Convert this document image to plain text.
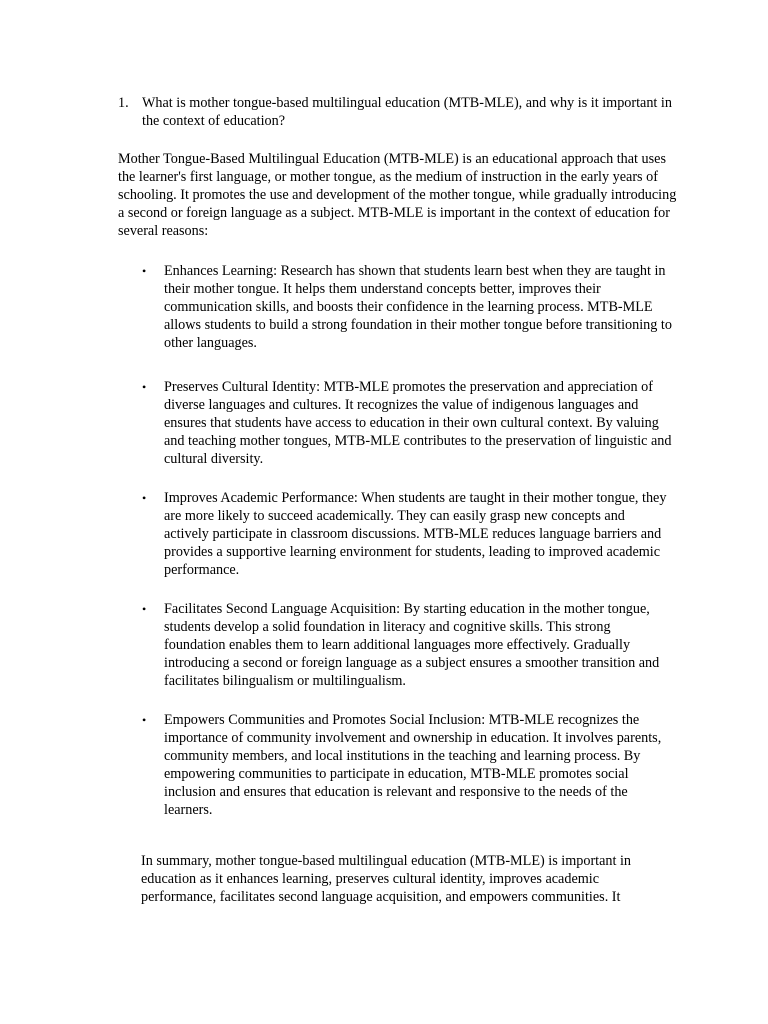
1. What is mother tongue-based multilingual education (MTB-MLE), and why is it important in the context of education?

Mother Tongue-Based Multilingual Education (MTB-MLE) is an educational approach that uses the learner's first language, or mother tongue, as the medium of instruction in the early years of schooling. It promotes the use and development of the mother tongue, while gradually introducing a second or foreign language as a subject. MTB-MLE is important in the context of education for several reasons:

•	Enhances Learning: Research has shown that students learn best when they are taught in their mother tongue. It helps them understand concepts better, improves their communication skills, and boosts their confidence in the learning process. MTB-MLE allows students to build a strong foundation in their mother tongue before transitioning to other languages.

•	Preserves Cultural Identity: MTB-MLE promotes the preservation and appreciation of diverse languages and cultures. It recognizes the value of indigenous languages and ensures that students have access to education in their own cultural context. By valuing and teaching mother tongues, MTB-MLE contributes to the preservation of linguistic and cultural diversity.

•	Improves Academic Performance: When students are taught in their mother tongue, they are more likely to succeed academically. They can easily grasp new concepts and actively participate in classroom discussions. MTB-MLE reduces language barriers and provides a supportive learning environment for students, leading to improved academic performance.

•	Facilitates Second Language Acquisition: By starting education in the mother tongue, students develop a solid foundation in literacy and cognitive skills. This strong foundation enables them to learn additional languages more effectively. Gradually introducing a second or foreign language as a subject ensures a smoother transition and facilitates bilingualism or multilingualism.

•	Empowers Communities and Promotes Social Inclusion: MTB-MLE recognizes the importance of community involvement and ownership in education. It involves parents, community members, and local institutions in the teaching and learning process. By empowering communities to participate in education, MTB-MLE promotes social inclusion and ensures that education is relevant and responsive to the needs of the learners.

In summary, mother tongue-based multilingual education (MTB-MLE) is important in education as it enhances learning, preserves cultural identity, improves academic performance, facilitates second language acquisition, and empowers communities. It
